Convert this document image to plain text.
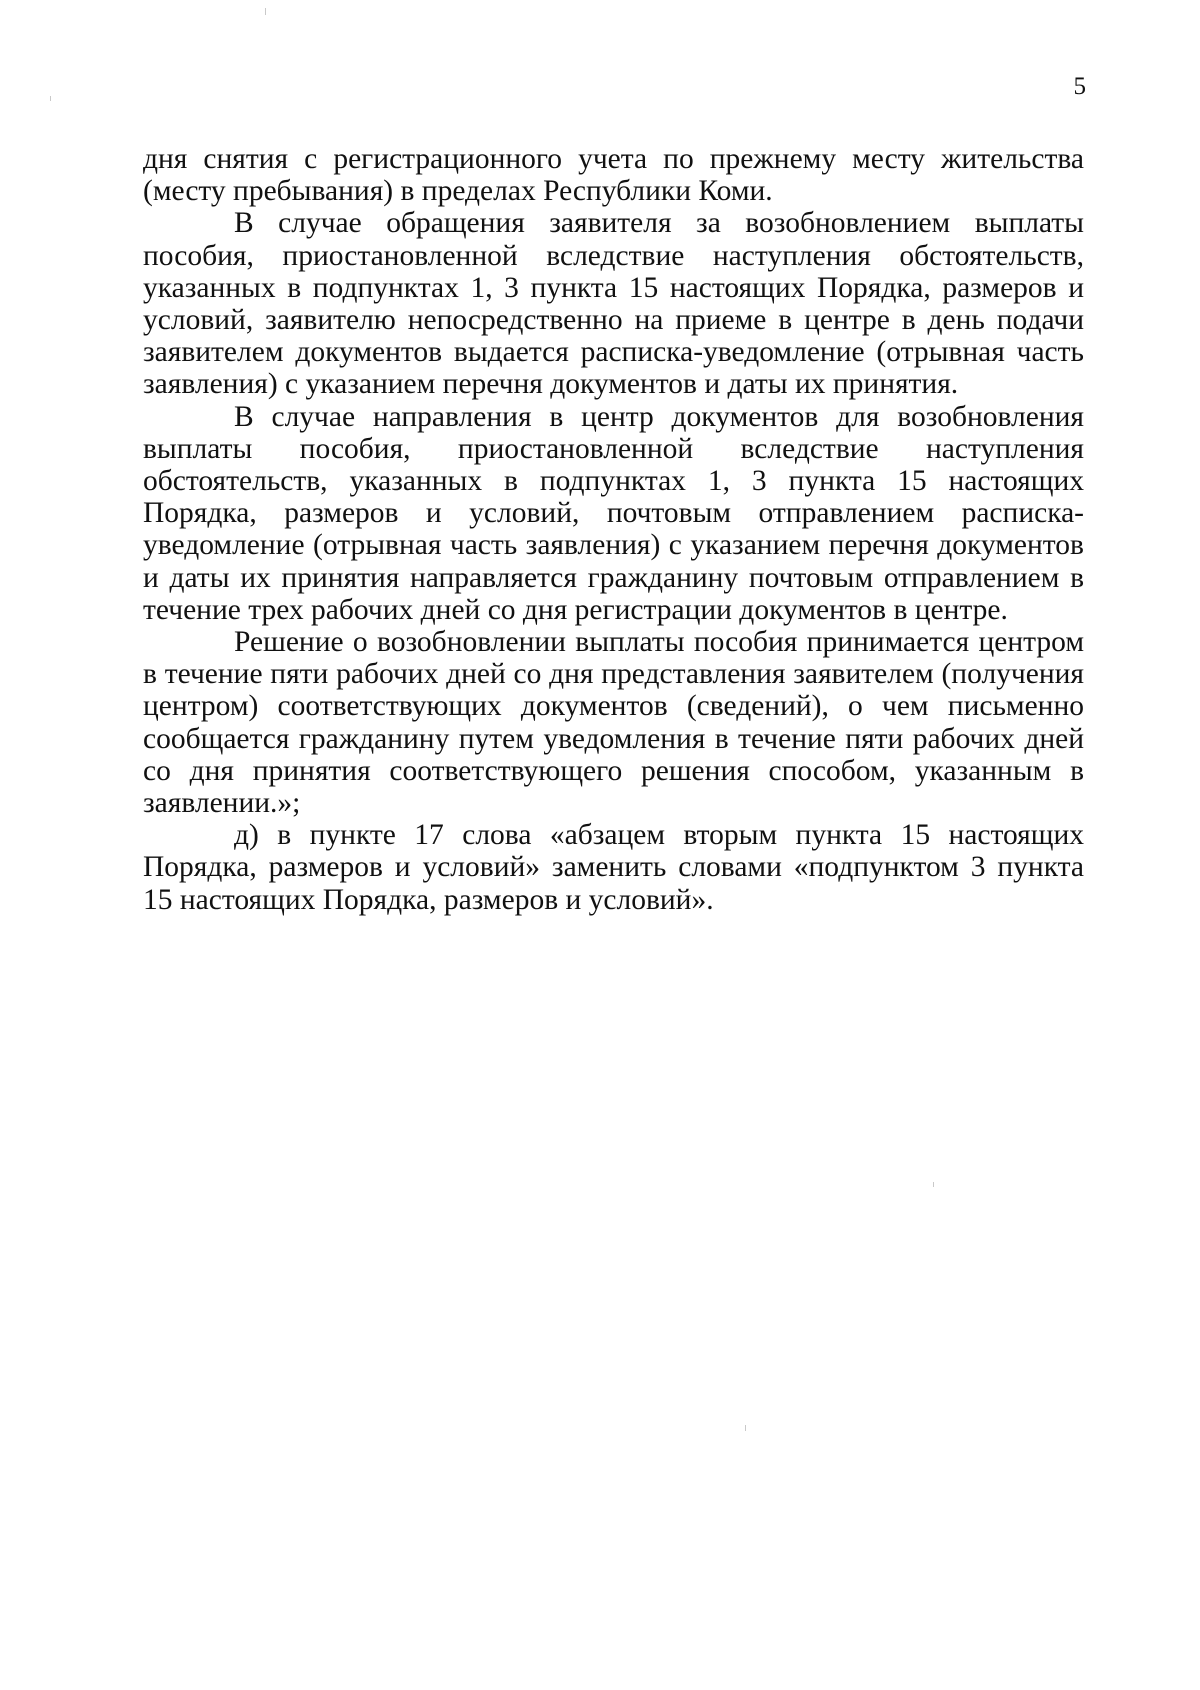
5

дня снятия с регистрационного учета по прежнему месту жительства (месту пребывания) в пределах Республики Коми.

В случае обращения заявителя за возобновлением выплаты пособия, приостановленной вследствие наступления обстоятельств, указанных в подпунктах 1, 3 пункта 15 настоящих Порядка, размеров и условий, заявителю непосредственно на приеме в центре в день подачи заявителем документов выдается расписка-уведомление (отрывная часть заявления) с указанием перечня документов и даты их принятия.

В случае направления в центр документов для возобновления выплаты пособия, приостановленной вследствие наступления обстоятельств, указанных в подпунктах 1, 3 пункта 15 настоящих Порядка, размеров и условий, почтовым отправлением расписка-уведомление (отрывная часть заявления) с указанием перечня документов и даты их принятия направляется гражданину почтовым отправлением в течение трех рабочих дней со дня регистрации документов в центре.

Решение о возобновлении выплаты пособия принимается центром в течение пяти рабочих дней со дня представления заявителем (получения центром) соответствующих документов (сведений), о чем письменно сообщается гражданину путем уведомления в течение пяти рабочих дней со дня принятия соответствующего решения способом, указанным в заявлении.»;

д) в пункте 17 слова «абзацем вторым пункта 15 настоящих Порядка, размеров и условий» заменить словами «подпунктом 3 пункта 15 настоящих Порядка, размеров и условий».
